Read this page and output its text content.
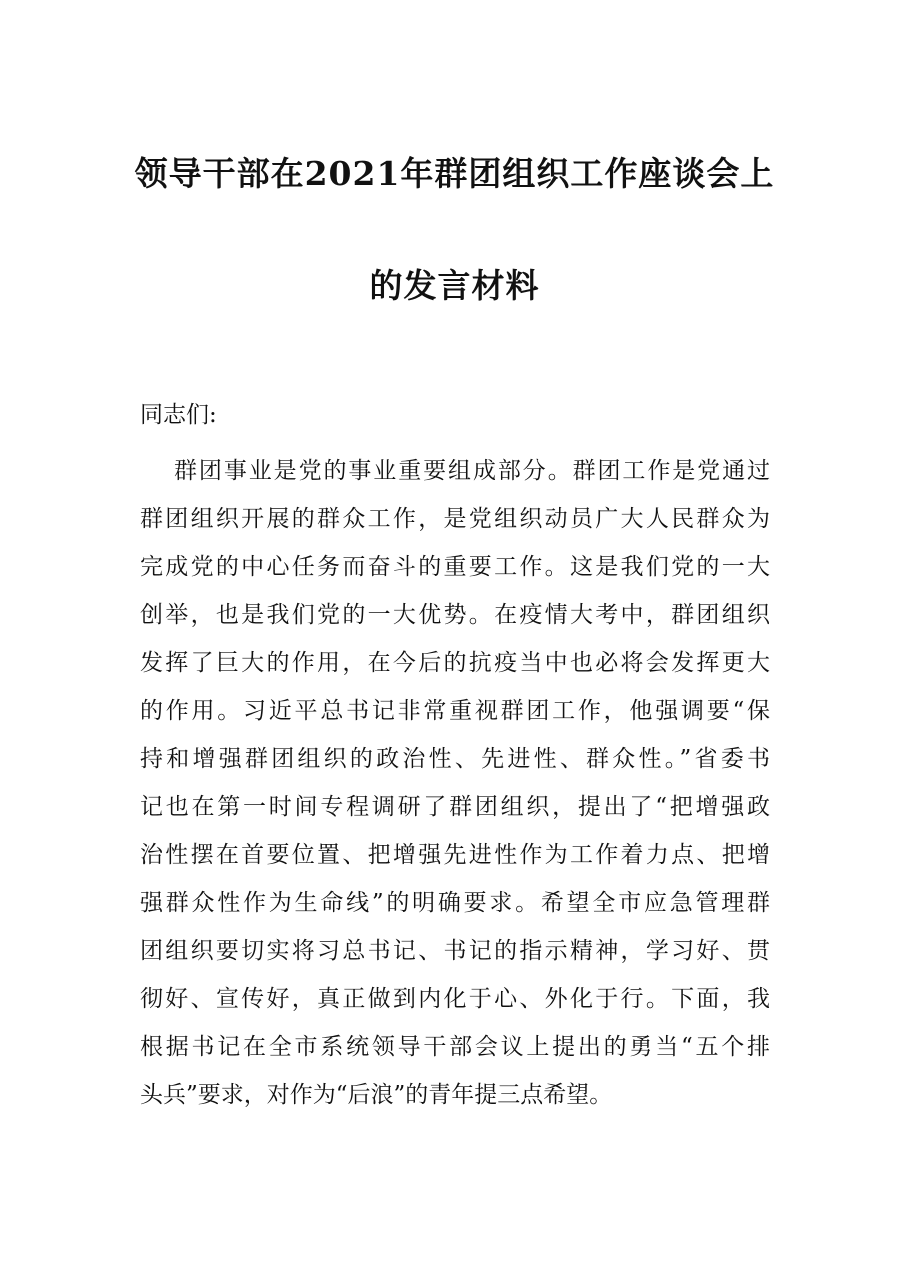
领导干部在2021年群团组织工作座谈会上
的发言材料
同志们:
群团事业是党的事业重要组成部分。群团工作是党通过
群团组织开展的群众工作，是党组织动员广大人民群众为
完成党的中心任务而奋斗的重要工作。这是我们党的一大
创举，也是我们党的一大优势。在疫情大考中，群团组织
发挥了巨大的作用，在今后的抗疫当中也必将会发挥更大
的作用。习近平总书记非常重视群团工作，他强调要“保
持和增强群团组织的政治性、先进性、群众性。”省委书
记也在第一时间专程调研了群团组织，提出了“把增强政
治性摆在首要位置、把增强先进性作为工作着力点、把增
强群众性作为生命线”的明确要求。希望全市应急管理群
团组织要切实将习总书记、书记的指示精神，学习好、贯
彻好、宣传好，真正做到内化于心、外化于行。下面，我
根据书记在全市系统领导干部会议上提出的勇当“五个排
头兵”要求，对作为“后浪”的青年提三点希望。
